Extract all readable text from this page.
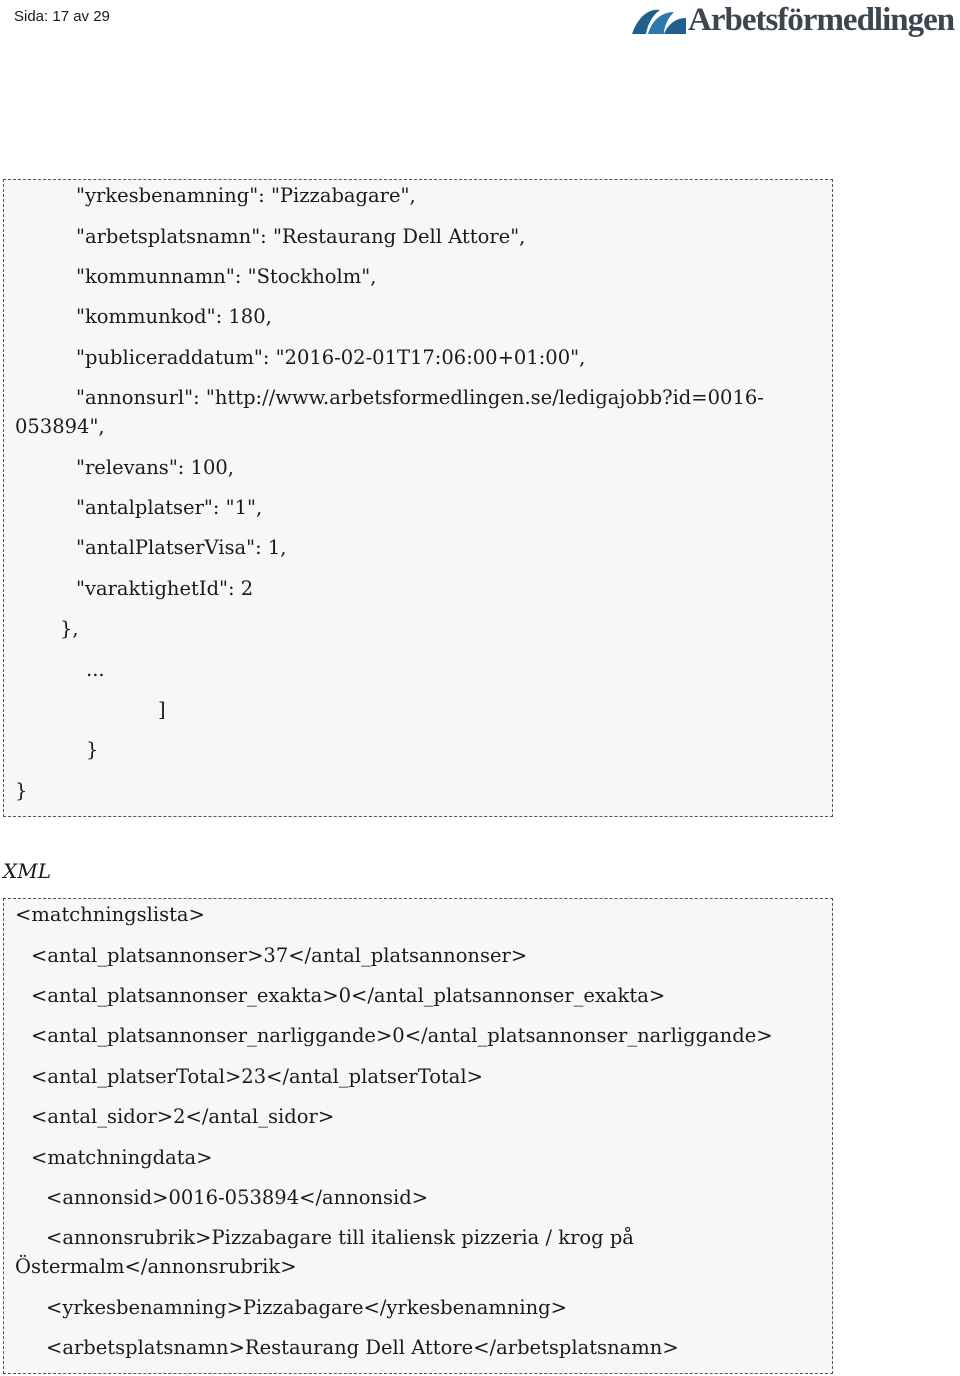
Sida: 17 av 29	Arbetsförmedlingen
"yrkesbenamning": "Pizzabagare",
"arbetsplatsnamn": "Restaurang Dell Attore",
"kommunnamn": "Stockholm",
"kommunkod": 180,
"publiceraddatum": "2016-02-01T17:06:00+01:00",
"annonsurl": "http://www.arbetsformedlingen.se/ledigajobb?id=0016-
053894",
"relevans": 100,
"antalplatser": "1",
"antalPlatserVisa": 1,
"varaktighetId": 2
},
...
]
}
}
XML
<matchningslista>
<antal_platsannonser>37</antal_platsannonser>
<antal_platsannonser_exakta>0</antal_platsannonser_exakta>
<antal_platsannonser_narliggande>0</antal_platsannonser_narliggande>
<antal_platserTotal>23</antal_platserTotal>
<antal_sidor>2</antal_sidor>
<matchningdata>
<annonsid>0016-053894</annonsid>
<annonsrubrik>Pizzabagare till italiensk pizzeria / krog på
Östermalm</annonsrubrik>
<yrkesbenamning>Pizzabagare</yrkesbenamning>
<arbetsplatsnamn>Restaurang Dell Attore</arbetsplatsnamn>
